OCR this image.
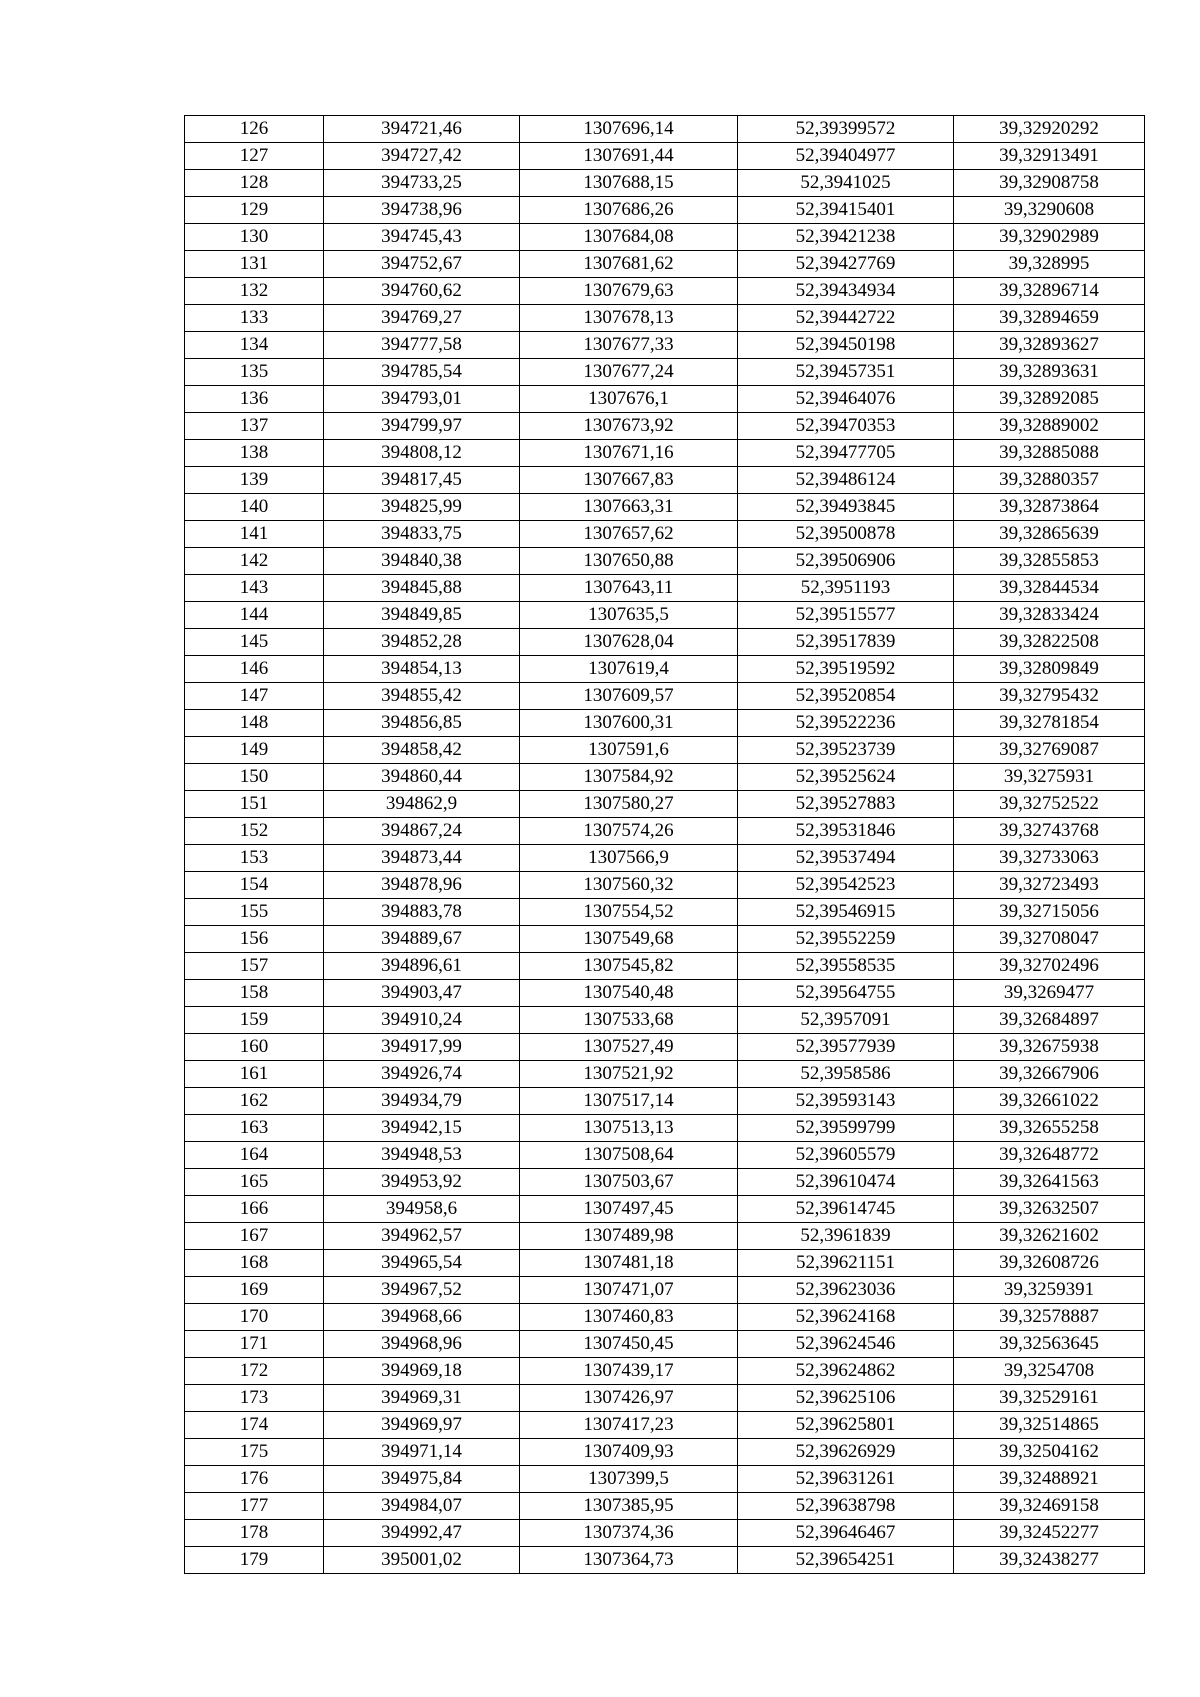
126	394721,46	1307696,14	52,39399572	39,32920292
127	394727,42	1307691,44	52,39404977	39,32913491
128	394733,25	1307688,15	52,3941025	39,32908758
129	394738,96	1307686,26	52,39415401	39,3290608
130	394745,43	1307684,08	52,39421238	39,32902989
131	394752,67	1307681,62	52,39427769	39,328995
132	394760,62	1307679,63	52,39434934	39,32896714
133	394769,27	1307678,13	52,39442722	39,32894659
134	394777,58	1307677,33	52,39450198	39,32893627
135	394785,54	1307677,24	52,39457351	39,32893631
136	394793,01	1307676,1	52,39464076	39,32892085
137	394799,97	1307673,92	52,39470353	39,32889002
138	394808,12	1307671,16	52,39477705	39,32885088
139	394817,45	1307667,83	52,39486124	39,32880357
140	394825,99	1307663,31	52,39493845	39,32873864
141	394833,75	1307657,62	52,39500878	39,32865639
142	394840,38	1307650,88	52,39506906	39,32855853
143	394845,88	1307643,11	52,3951193	39,32844534
144	394849,85	1307635,5	52,39515577	39,32833424
145	394852,28	1307628,04	52,39517839	39,32822508
146	394854,13	1307619,4	52,39519592	39,32809849
147	394855,42	1307609,57	52,39520854	39,32795432
148	394856,85	1307600,31	52,39522236	39,32781854
149	394858,42	1307591,6	52,39523739	39,32769087
150	394860,44	1307584,92	52,39525624	39,3275931
151	394862,9	1307580,27	52,39527883	39,32752522
152	394867,24	1307574,26	52,39531846	39,32743768
153	394873,44	1307566,9	52,39537494	39,32733063
154	394878,96	1307560,32	52,39542523	39,32723493
155	394883,78	1307554,52	52,39546915	39,32715056
156	394889,67	1307549,68	52,39552259	39,32708047
157	394896,61	1307545,82	52,39558535	39,32702496
158	394903,47	1307540,48	52,39564755	39,3269477
159	394910,24	1307533,68	52,3957091	39,32684897
160	394917,99	1307527,49	52,39577939	39,32675938
161	394926,74	1307521,92	52,3958586	39,32667906
162	394934,79	1307517,14	52,39593143	39,32661022
163	394942,15	1307513,13	52,39599799	39,32655258
164	394948,53	1307508,64	52,39605579	39,32648772
165	394953,92	1307503,67	52,39610474	39,32641563
166	394958,6	1307497,45	52,39614745	39,32632507
167	394962,57	1307489,98	52,3961839	39,32621602
168	394965,54	1307481,18	52,39621151	39,32608726
169	394967,52	1307471,07	52,39623036	39,3259391
170	394968,66	1307460,83	52,39624168	39,32578887
171	394968,96	1307450,45	52,39624546	39,32563645
172	394969,18	1307439,17	52,39624862	39,3254708
173	394969,31	1307426,97	52,39625106	39,32529161
174	394969,97	1307417,23	52,39625801	39,32514865
175	394971,14	1307409,93	52,39626929	39,32504162
176	394975,84	1307399,5	52,39631261	39,32488921
177	394984,07	1307385,95	52,39638798	39,32469158
178	394992,47	1307374,36	52,39646467	39,32452277
179	395001,02	1307364,73	52,39654251	39,32438277
